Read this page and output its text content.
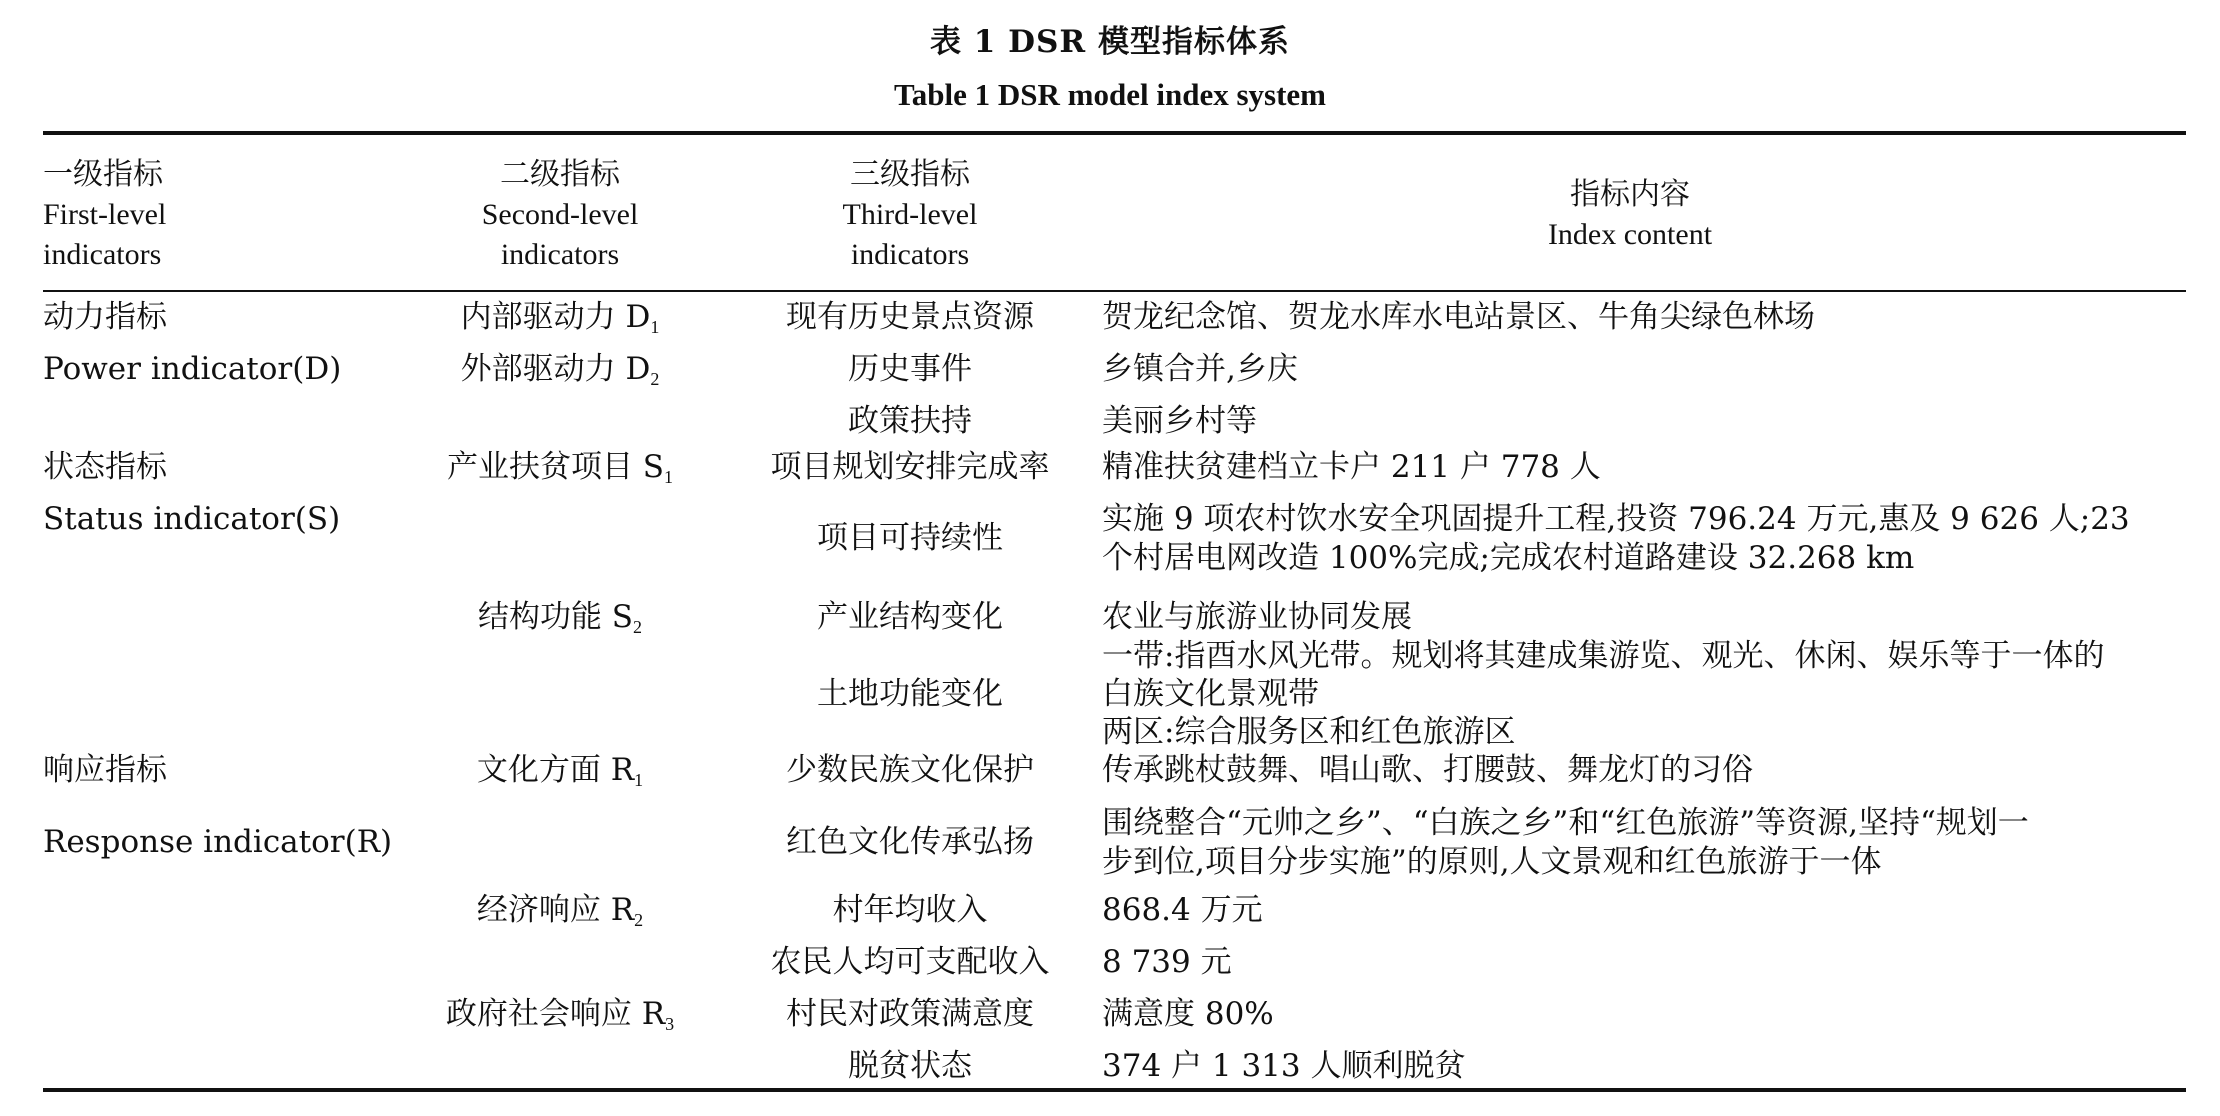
表 1 DSR 模型指标体系
Table 1 DSR model index system
一级指标
First-level
indicators
二级指标
Second-level
indicators
三级指标
Third-level
indicators
指标内容
Index content
动力指标
Power indicator(D)
状态指标
Status indicator(S)
响应指标
Response indicator(R)
内部驱动力 $D_1$
外部驱动力 $D_2$
产业扶贫项目 $S_1$
结构功能 $S_2$
文化方面 $R_1$
经济响应 $R_2$
政府社会响应 $R_3$
现有历史景点资源
历史事件
政策扶持
项目规划安排完成率
项目可持续性
产业结构变化
土地功能变化
少数民族文化保护
红色文化传承弘扬
村年均收入
农民人均可支配收入
村民对政策满意度
脱贫状态
贺龙纪念馆、贺龙水库水电站景区、牛角尖绿色林场
乡镇合并,乡庆
美丽乡村等
精准扶贫建档立卡户 211 户 778 人
实施 9 项农村饮水安全巩固提升工程,投资 796.24 万元,惠及 9 626 人;23
个村居电网改造 100%完成;完成农村道路建设 32.268 km
农业与旅游业协同发展
一带:指酉水风光带。规划将其建成集游览、观光、休闲、娱乐等于一体的
白族文化景观带
两区:综合服务区和红色旅游区
传承跳杖鼓舞、唱山歌、打腰鼓、舞龙灯的习俗
围绕整合“元帅之乡”、“白族之乡”和“红色旅游”等资源,坚持“规划一
步到位,项目分步实施”的原则,人文景观和红色旅游于一体
868.4 万元
8 739 元
满意度 80%
374 户 1 313 人顺利脱贫
